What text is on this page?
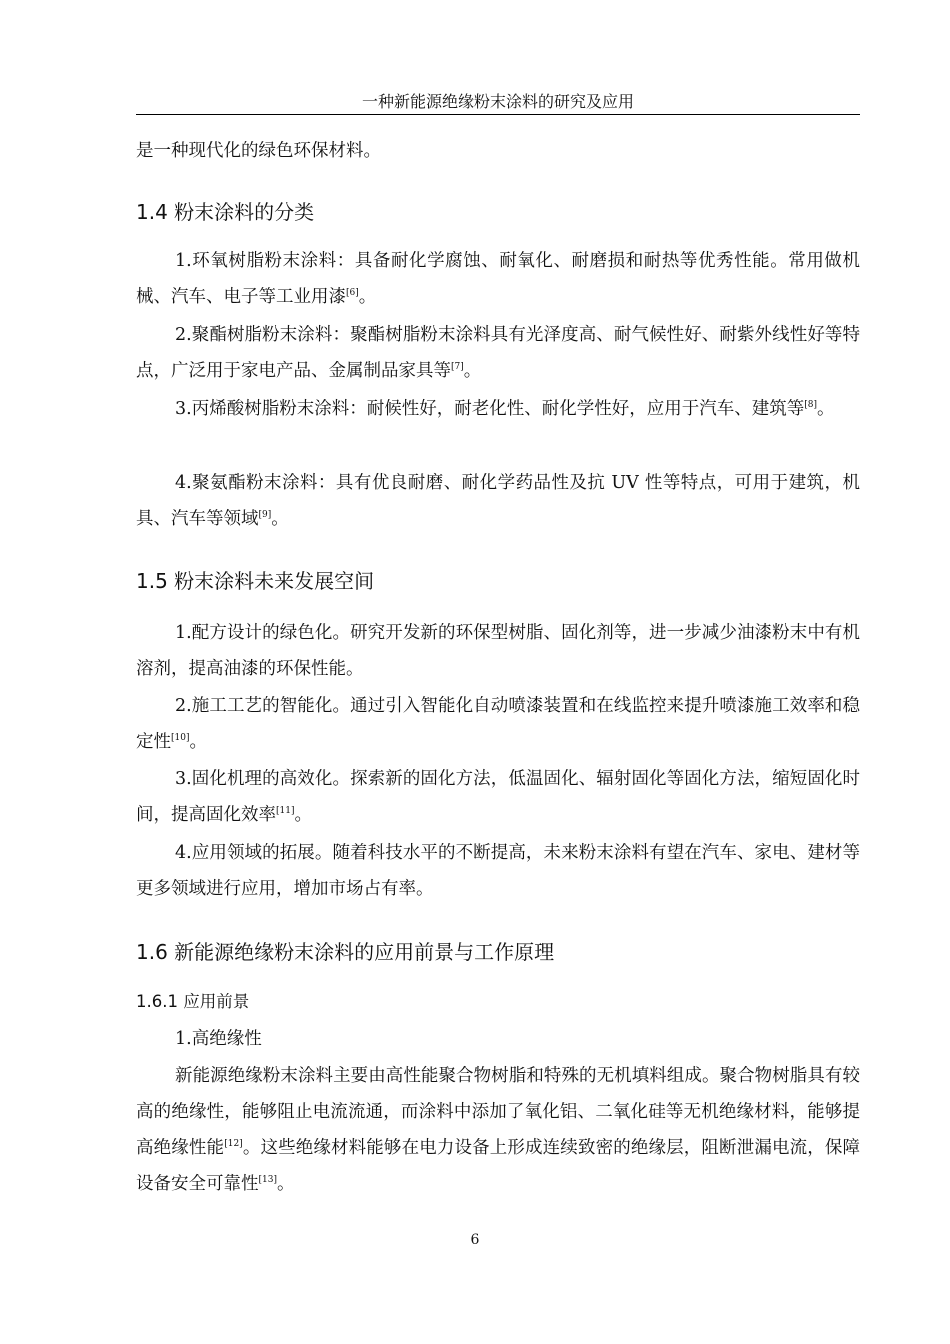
一种新能源绝缘粉末涂料的研究及应用
是一种现代化的绿色环保材料。
1.4 粉末涂料的分类
1.环氧树脂粉末涂料：具备耐化学腐蚀、耐氧化、耐磨损和耐热等优秀性能。常用做机械、汽车、电子等工业用漆[6]。
2.聚酯树脂粉末涂料：聚酯树脂粉末涂料具有光泽度高、耐气候性好、耐紫外线性好等特点，广泛用于家电产品、金属制品家具等[7]。
3.丙烯酸树脂粉末涂料：耐候性好，耐老化性、耐化学性好，应用于汽车、建筑等[8]。
4.聚氨酯粉末涂料：具有优良耐磨、耐化学药品性及抗 UV 性等特点，可用于建筑，机具、汽车等领域[9]。
1.5 粉末涂料未来发展空间
1.配方设计的绿色化。研究开发新的环保型树脂、固化剂等，进一步减少油漆粉末中有机溶剂，提高油漆的环保性能。
2.施工工艺的智能化。通过引入智能化自动喷漆装置和在线监控来提升喷漆施工效率和稳定性[10]。
3.固化机理的高效化。探索新的固化方法，低温固化、辐射固化等固化方法，缩短固化时间，提高固化效率[11]。
4.应用领域的拓展。随着科技水平的不断提高，未来粉末涂料有望在汽车、家电、建材等更多领域进行应用，增加市场占有率。
1.6 新能源绝缘粉末涂料的应用前景与工作原理
1.6.1 应用前景
1.高绝缘性
新能源绝缘粉末涂料主要由高性能聚合物树脂和特殊的无机填料组成。聚合物树脂具有较高的绝缘性，能够阻止电流流通，而涂料中添加了氧化铝、二氧化硅等无机绝缘材料，能够提高绝缘性能[12]。这些绝缘材料能够在电力设备上形成连续致密的绝缘层，阻断泄漏电流，保障设备安全可靠性[13]。
6
